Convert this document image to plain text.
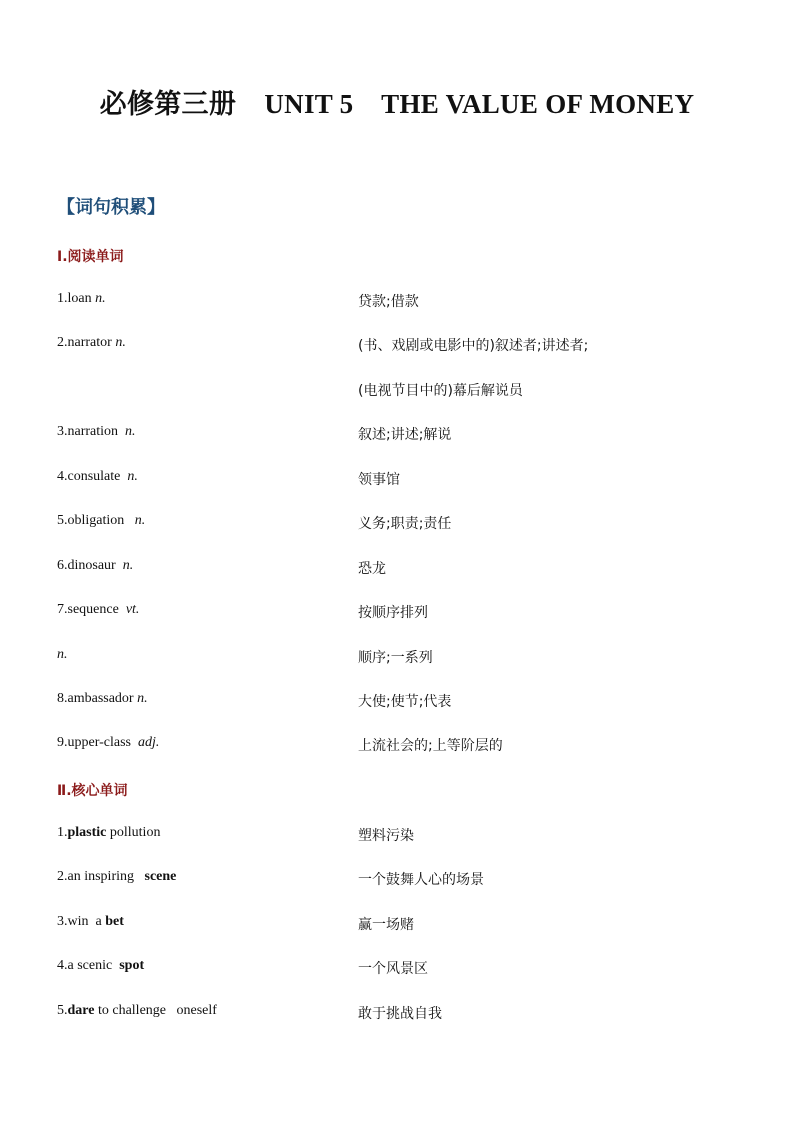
必修第三册    UNIT 5    THE VALUE OF MONEY
【词句积累】
Ⅰ.阅读单词
1.loan n.	贷款;借款
2.narrator n.	(书、戏剧或电影中的)叙述者;讲述者;
(电视节目中的)幕后解说员
3.narration n.	叙述;讲述;解说
4.consulate n.	领事馆
5.obligation n.	义务;职责;责任
6.dinosaur n.	恐龙
7.sequence vt.	按顺序排列
n.	顺序;一系列
8.ambassador n.	大使;使节;代表
9.upper-class adj.	上流社会的;上等阶层的
Ⅱ.核心单词
1.plastic pollution	塑料污染
2.an inspiring   scene	一个鼓舞人心的场景
3.win  a bet	赢一场赌
4.a scenic  spot	一个风景区
5.dare to challenge   oneself	敢于挑战自我
